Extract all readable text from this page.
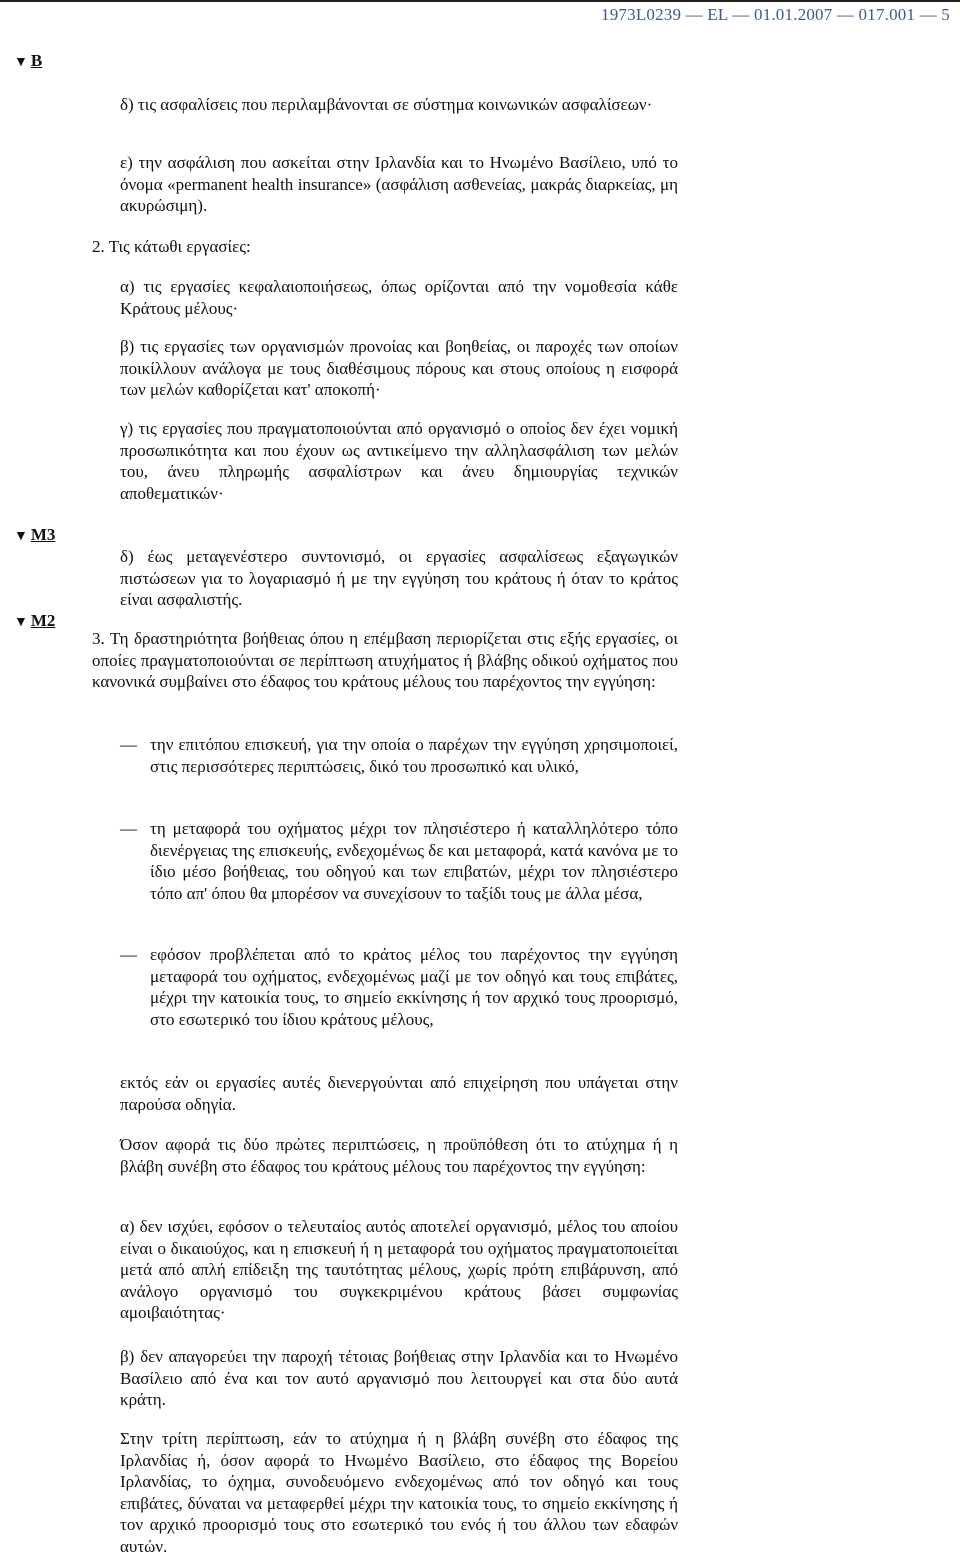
1973L0239 — EL — 01.01.2007 — 017.001 — 5
▼ B
▼ M3
▼ M2
δ) τις ασφαλίσεις που περιλαμβάνονται σε σύστημα κοινωνικών ασφαλίσεων·
ε) την ασφάλιση που ασκείται στην Ιρλανδία και το Ηνωμένο Βασίλειο, υπό το όνομα «permanent health insurance» (ασφάλιση ασθενείας, μακράς διαρκείας, μη ακυρώσιμη).
2. Τις κάτωθι εργασίες:
α) τις εργασίες κεφαλαιοποιήσεως, όπως ορίζονται από την νομοθεσία κάθε Κράτους μέλους·
β) τις εργασίες των οργανισμών προνοίας και βοηθείας, οι παροχές των οποίων ποικίλλουν ανάλογα με τους διαθέσιμους πόρους και στους οποίους η εισφορά των μελών καθορίζεται κατ' αποκοπή·
γ) τις εργασίες που πραγματοποιούνται από οργανισμό ο οποίος δεν έχει νομική προσωπικότητα και που έχουν ως αντικείμενο την αλληλασφάλιση των μελών του, άνευ πληρωμής ασφαλίστρων και άνευ δημιουργίας τεχνικών αποθεματικών·
δ) έως μεταγενέστερο συντονισμό, οι εργασίες ασφαλίσεως εξαγωγικών πιστώσεων για το λογαριασμό ή με την εγγύηση του κράτους ή όταν το κράτος είναι ασφαλιστής.
3. Τη δραστηριότητα βοήθειας όπου η επέμβαση περιορίζεται στις εξής εργασίες, οι οποίες πραγματοποιούνται σε περίπτωση ατυχήματος ή βλάβης οδικού οχήματος που κανονικά συμβαίνει στο έδαφος του κράτους μέλους του παρέχοντος την εγγύηση:
— την επιτόπου επισκευή, για την οποία ο παρέχων την εγγύηση χρησιμοποιεί, στις περισσότερες περιπτώσεις, δικό του προσωπικό και υλικό,
— τη μεταφορά του οχήματος μέχρι τον πλησιέστερο ή καταλληλότερο τόπο διενέργειας της επισκευής, ενδεχομένως δε και μεταφορά, κατά κανόνα με το ίδιο μέσο βοήθειας, του οδηγού και των επιβατών, μέχρι τον πλησιέστερο τόπο απ' όπου θα μπορέσον να συνεχίσουν το ταξίδι τους με άλλα μέσα,
— εφόσον προβλέπεται από το κράτος μέλος του παρέχοντος την εγγύηση μεταφορά του οχήματος, ενδεχομένως μαζί με τον οδηγό και τους επιβάτες, μέχρι την κατοικία τους, το σημείο εκκίνησης ή τον αρχικό τους προορισμό, στο εσωτερικό του ίδιου κράτους μέλους,
εκτός εάν οι εργασίες αυτές διενεργούνται από επιχείρηση που υπάγεται στην παρούσα οδηγία.
Όσον αφορά τις δύο πρώτες περιπτώσεις, η προϋπόθεση ότι το ατύχημα ή η βλάβη συνέβη στο έδαφος του κράτους μέλους του παρέχοντος την εγγύηση:
α) δεν ισχύει, εφόσον ο τελευταίος αυτός αποτελεί οργανισμό, μέλος του αποίου είναι ο δικαιούχος, και η επισκευή ή η μεταφορά του οχήματος πραγματοποιείται μετά από απλή επίδειξη της ταυτότητας μέλους, χωρίς πρότη επιβάρυνση, από ανάλογο οργανισμό του συγκεκριμένου κράτους βάσει συμφωνίας αμοιβαιότητας·
β) δεν απαγορεύει την παροχή τέτοιας βοήθειας στην Ιρλανδία και το Ηνωμένο Βασίλειο από ένα και τον αυτό αργανισμό που λειτουργεί και στα δύο αυτά κράτη.
Στην τρίτη περίπτωση, εάν το ατύχημα ή η βλάβη συνέβη στο έδαφος της Ιρλανδίας ή, όσον αφορά το Ηνωμένο Βασίλειο, στο έδαφος της Βορείου Ιρλανδίας, το όχημα, συνοδευόμενο ενδεχομένως από τον οδηγό και τους επιβάτες, δύναται να μεταφερθεί μέχρι την κατοικία τους, το σημείο εκκίνησης ή τον αρχικό προορισμό τους στο εσωτερικό του ενός ή του άλλου των εδαφών αυτών.
